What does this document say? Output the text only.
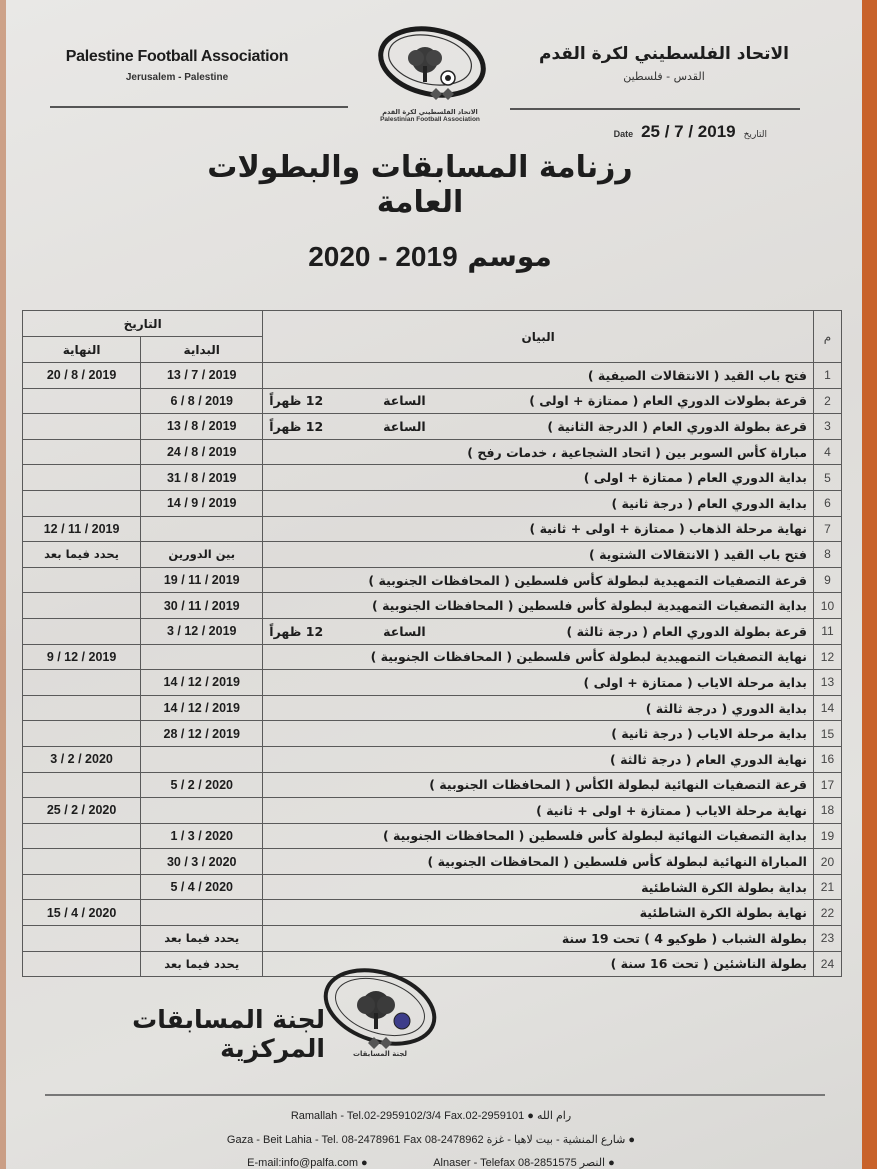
Palestine Football Association
Jerusalem - Palestine
الاتحاد الفلسطيني لكرة القدم
Palestinian Football Association
الاتحاد الفلسطيني لكرة القدم
القدس - فلسطين
Date 25 / 7 / 2019 التاريخ
رزنامة المسابقات والبطولات العامة
موسم 2020 - 2019
م	البيان	التاريخ	
		البداية	النهاية
1	فتح باب القيد ( الانتقالات الصيفية )	13 / 7 / 2019	20 / 8 / 2019
2	قرعة بطولات الدوري العام ( ممتازة + اولى )
الساعة
12 ظهراً	6 / 8 / 2019	
3	قرعة بطولة الدوري العام ( الدرجة الثانية )
الساعة
12 ظهراً	13 / 8 / 2019	
4	مباراة كأس السوبر بين ( اتحاد الشجاعية ، خدمات رفح )	24 / 8 / 2019	
5	بداية الدوري العام ( ممتازة + اولى )	31 / 8 / 2019	
6	بداية الدوري العام ( درجة ثانية )	14 / 9 / 2019	
7	نهاية مرحلة الذهاب ( ممتازة + اولى + ثانية )		12 / 11 / 2019
8	فتح باب القيد ( الانتقالات الشتوية )	بين الدورين	يحدد فيما بعد
9	قرعة التصفيات التمهيدية لبطولة كأس فلسطين ( المحافظات الجنوبية )	19 / 11 / 2019	
10	بداية التصفيات التمهيدية لبطولة كأس فلسطين ( المحافظات الجنوبية )	30 / 11 / 2019	
11	قرعة بطولة الدوري العام ( درجة ثالثة )
الساعة
12 ظهراً	3 / 12 / 2019	
12	نهاية التصفيات التمهيدية لبطولة كأس فلسطين ( المحافظات الجنوبية )		9 / 12 / 2019
13	بداية مرحلة الاياب ( ممتازة + اولى )	14 / 12 / 2019	
14	بداية الدوري ( درجة ثالثة )	14 / 12 / 2019	
15	بداية مرحلة الاياب ( درجة ثانية )	28 / 12 / 2019	
16	نهاية الدوري العام ( درجة ثالثة )		3 / 2 / 2020
17	قرعة التصفيات النهائية لبطولة الكأس ( المحافظات الجنوبية )	5 / 2 / 2020	
18	نهاية مرحلة الاياب ( ممتازة + اولى + ثانية )		25 / 2 / 2020
19	بداية التصفيات النهائية لبطولة كأس فلسطين ( المحافظات الجنوبية )	1 / 3 / 2020	
20	المباراة النهائية لبطولة كأس فلسطين ( المحافظات الجنوبية )	30 / 3 / 2020	
21	بداية بطولة الكرة الشاطئية	5 / 4 / 2020	
22	نهاية بطولة الكرة الشاطئية		15 / 4 / 2020
23	بطولة الشباب ( طوكيو 4 ) تحت 19 سنة	يحدد فيما بعد	
24	بطولة الناشئين ( تحت 16 سنة )	يحدد فيما بعد	
لجنة المسابقات المركزية	لجنة المسابقات
Ramallah - Tel.02-2959102/3/4 Fax.02-2959101 ● رام الله
Gaza - Beit Lahia - Tel. 08-2478961 Fax 08-2478962 شارع المنشية - بيت لاهيا - غزة ●
E-mail:info@palfa.com ●	Alnaser - Telefax 08-2851575 النصر ●
